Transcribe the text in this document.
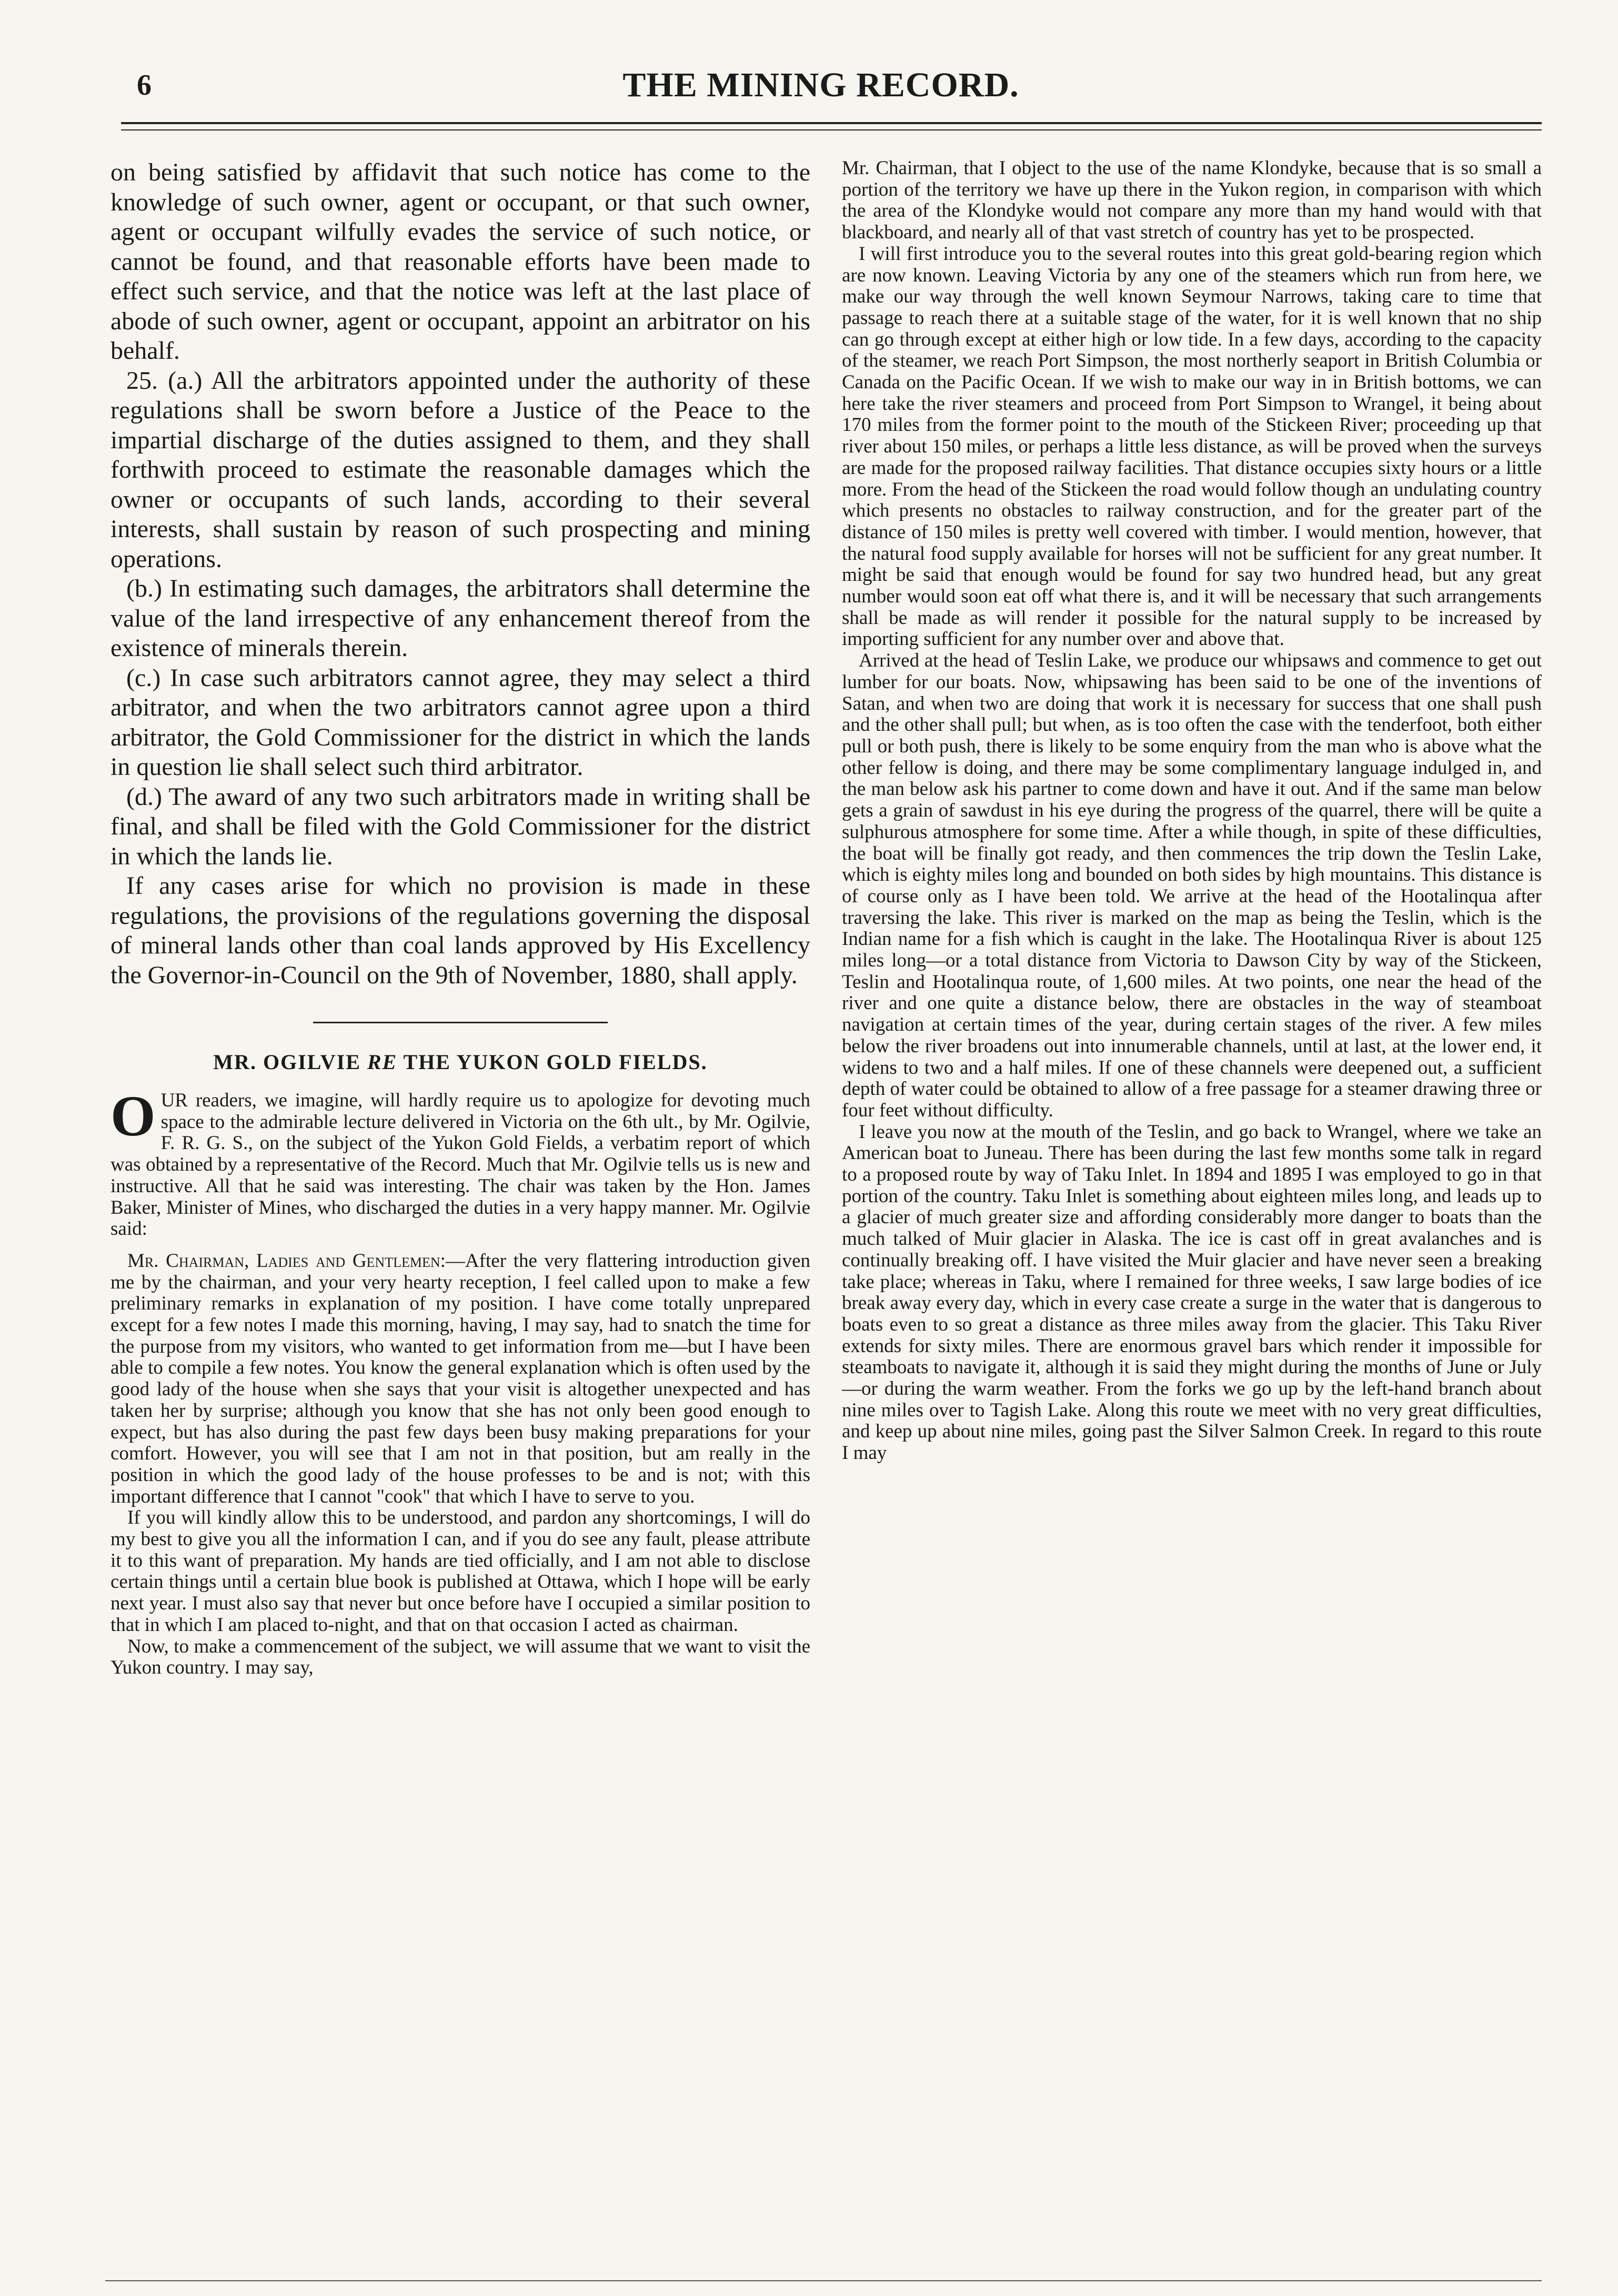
6	THE MINING RECORD.

on being satisfied by affidavit that such notice has come to the knowledge of such owner, agent or occupant, or that such owner, agent or occupant wilfully evades the service of such notice, or cannot be found, and that reasonable efforts have been made to effect such service, and that the notice was left at the last place of abode of such owner, agent or occupant, appoint an arbitrator on his behalf.

25. (a.) All the arbitrators appointed under the authority of these regulations shall be sworn before a Justice of the Peace to the impartial discharge of the duties assigned to them, and they shall forthwith proceed to estimate the reasonable damages which the owner or occupants of such lands, according to their several interests, shall sustain by reason of such prospecting and mining operations.

(b.) In estimating such damages, the arbitrators shall determine the value of the land irrespective of any enhancement thereof from the existence of minerals therein.

(c.) In case such arbitrators cannot agree, they may select a third arbitrator, and when the two arbitrators cannot agree upon a third arbitrator, the Gold Commissioner for the district in which the lands in question lie shall select such third arbitrator.

(d.) The award of any two such arbitrators made in writing shall be final, and shall be filed with the Gold Commissioner for the district in which the lands lie.

If any cases arise for which no provision is made in these regulations, the provisions of the regulations governing the disposal of mineral lands other than coal lands approved by His Excellency the Governor-in-Council on the 9th of November, 1880, shall apply.

MR. OGILVIE RE THE YUKON GOLD FIELDS.

OUR readers, we imagine, will hardly require us to apologize for devoting much space to the admirable lecture delivered in Victoria on the 6th ult., by Mr. Ogilvie, F. R. G. S., on the subject of the Yukon Gold Fields, a verbatim report of which was obtained by a representative of the Record. Much that Mr. Ogilvie tells us is new and instructive. All that he said was interesting. The chair was taken by the Hon. James Baker, Minister of Mines, who discharged the duties in a very happy manner. Mr. Ogilvie said:

Mr. Chairman, Ladies and Gentlemen:—After the very flattering introduction given me by the chairman, and your very hearty reception, I feel called upon to make a few preliminary remarks in explanation of my position. I have come totally unprepared except for a few notes I made this morning, having, I may say, had to snatch the time for the purpose from my visitors, who wanted to get information from me—but I have been able to compile a few notes. You know the general explanation which is often used by the good lady of the house when she says that your visit is altogether unexpected and has taken her by surprise; although you know that she has not only been good enough to expect, but has also during the past few days been busy making preparations for your comfort. However, you will see that I am not in that position, but am really in the position in which the good lady of the house professes to be and is not; with this important difference that I cannot "cook" that which I have to serve to you.

If you will kindly allow this to be understood, and pardon any shortcomings, I will do my best to give you all the information I can, and if you do see any fault, please attribute it to this want of preparation. My hands are tied officially, and I am not able to disclose certain things until a certain blue book is published at Ottawa, which I hope will be early next year. I must also say that never but once before have I occupied a similar position to that in which I am placed to-night, and that on that occasion I acted as chairman.

Now, to make a commencement of the subject, we will assume that we want to visit the Yukon country. I may say,

Mr. Chairman, that I object to the use of the name Klondyke, because that is so small a portion of the territory we have up there in the Yukon region, in comparison with which the area of the Klondyke would not compare any more than my hand would with that blackboard, and nearly all of that vast stretch of country has yet to be prospected.

I will first introduce you to the several routes into this great gold-bearing region which are now known. Leaving Victoria by any one of the steamers which run from here, we make our way through the well known Seymour Narrows, taking care to time that passage to reach there at a suitable stage of the water, for it is well known that no ship can go through except at either high or low tide. In a few days, according to the capacity of the steamer, we reach Port Simpson, the most northerly seaport in British Columbia or Canada on the Pacific Ocean. If we wish to make our way in in British bottoms, we can here take the river steamers and proceed from Port Simpson to Wrangel, it being about 170 miles from the former point to the mouth of the Stickeen River; proceeding up that river about 150 miles, or perhaps a little less distance, as will be proved when the surveys are made for the proposed railway facilities. That distance occupies sixty hours or a little more. From the head of the Stickeen the road would follow though an undulating country which presents no obstacles to railway construction, and for the greater part of the distance of 150 miles is pretty well covered with timber. I would mention, however, that the natural food supply available for horses will not be sufficient for any great number. It might be said that enough would be found for say two hundred head, but any great number would soon eat off what there is, and it will be necessary that such arrangements shall be made as will render it possible for the natural supply to be increased by importing sufficient for any number over and above that.

Arrived at the head of Teslin Lake, we produce our whipsaws and commence to get out lumber for our boats. Now, whipsawing has been said to be one of the inventions of Satan, and when two are doing that work it is necessary for success that one shall push and the other shall pull; but when, as is too often the case with the tenderfoot, both either pull or both push, there is likely to be some enquiry from the man who is above what the other fellow is doing, and there may be some complimentary language indulged in, and the man below ask his partner to come down and have it out. And if the same man below gets a grain of sawdust in his eye during the progress of the quarrel, there will be quite a sulphurous atmosphere for some time. After a while though, in spite of these difficulties, the boat will be finally got ready, and then commences the trip down the Teslin Lake, which is eighty miles long and bounded on both sides by high mountains. This distance is of course only as I have been told. We arrive at the head of the Hootalinqua after traversing the lake. This river is marked on the map as being the Teslin, which is the Indian name for a fish which is caught in the lake. The Hootalinqua River is about 125 miles long—or a total distance from Victoria to Dawson City by way of the Stickeen, Teslin and Hootalinqua route, of 1,600 miles. At two points, one near the head of the river and one quite a distance below, there are obstacles in the way of steamboat navigation at certain times of the year, during certain stages of the river. A few miles below the river broadens out into innumerable channels, until at last, at the lower end, it widens to two and a half miles. If one of these channels were deepened out, a sufficient depth of water could be obtained to allow of a free passage for a steamer drawing three or four feet without difficulty.

I leave you now at the mouth of the Teslin, and go back to Wrangel, where we take an American boat to Juneau. There has been during the last few months some talk in regard to a proposed route by way of Taku Inlet. In 1894 and 1895 I was employed to go in that portion of the country. Taku Inlet is something about eighteen miles long, and leads up to a glacier of much greater size and affording considerably more danger to boats than the much talked of Muir glacier in Alaska. The ice is cast off in great avalanches and is continually breaking off. I have visited the Muir glacier and have never seen a breaking take place; whereas in Taku, where I remained for three weeks, I saw large bodies of ice break away every day, which in every case create a surge in the water that is dangerous to boats even to so great a distance as three miles away from the glacier. This Taku River extends for sixty miles. There are enormous gravel bars which render it impossible for steamboats to navigate it, although it is said they might during the months of June or July—or during the warm weather. From the forks we go up by the left-hand branch about nine miles over to Tagish Lake. Along this route we meet with no very great difficulties, and keep up about nine miles, going past the Silver Salmon Creek. In regard to this route I may
